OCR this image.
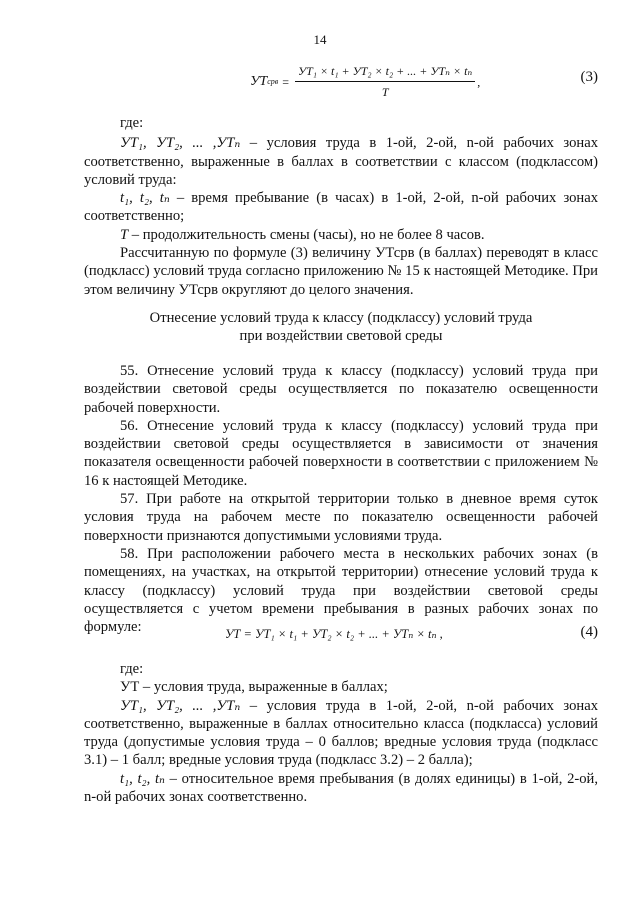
14
УТ срв = $\frac{\text{УТ₁ × t₁ + УТ₂ × t₂ + ... + УТₙ × tₙ}}{T}$ ,	(3)

где:

УТ₁, УТ₂, ... ,УТₙ – условия труда в 1-ой, 2-ой, n-ой рабочих зонах соответственно, выраженные в баллах в соответствии с классом (подклассом) условий труда:

t₁, t₂, tₙ – время пребывание (в часах) в 1-ой, 2-ой, n-ой рабочих зонах соответственно;

T – продолжительность смены (часы), но не более 8 часов.

Рассчитанную по формуле (3) величину УТсрв (в баллах) переводят в класс (подкласс) условий труда согласно приложению № 15 к настоящей Методике. При этом величину УТсрв округляют до целого значения.

Отнесение условий труда к классу (подклассу) условий труда

при воздействии световой среды

55. Отнесение условий труда к классу (подклассу) условий труда при воздействии световой среды осуществляется по показателю освещенности рабочей поверхности.

56. Отнесение условий труда к классу (подклассу) условий труда при воздействии световой среды осуществляется в зависимости от значения показателя освещенности рабочей поверхности в соответствии с приложением № 16 к настоящей Методике.

57. При работе на открытой территории только в дневное время суток условия труда на рабочем месте по показателю освещенности рабочей поверхности признаются допустимыми условиями труда.

58. При расположении рабочего места в нескольких рабочих зонах (в помещениях, на участках, на открытой территории) отнесение условий труда к классу (подклассу) условий труда при воздействии световой среды осуществляется с учетом времени пребывания в разных рабочих зонах по формуле:	УТ = УТ₁ × t₁ + УТ₂ × t₂ + ... + УТₙ × tₙ ,	(4)

где:

УТ – условия труда, выраженные в баллах;

УТ₁, УТ₂, ... ,УТₙ – условия труда в 1-ой, 2-ой, n-ой рабочих зонах соответственно, выраженные в баллах относительно класса (подкласса) условий труда (допустимые условия труда – 0 баллов; вредные условия труда (подкласс 3.1) – 1 балл; вредные условия труда (подкласс 3.2) – 2 балла);

t₁, t₂, tₙ – относительное время пребывания (в долях единицы) в 1-ой, 2-ой, n-ой рабочих зонах соответственно.
